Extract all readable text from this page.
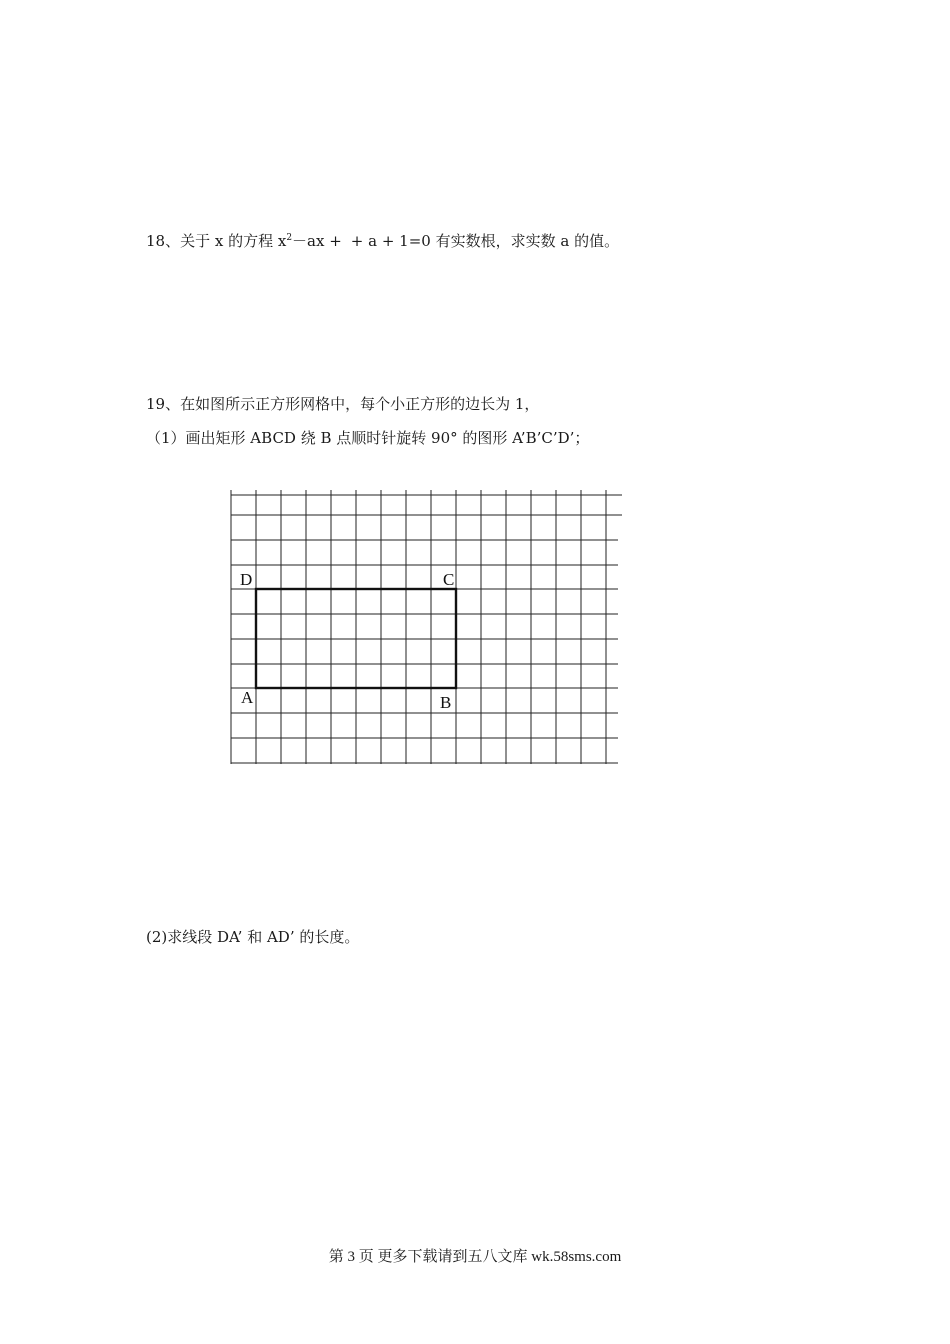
18、关于 x 的方程 $x^2-ax$ + + a + 1=0 有实数根，求实数 a 的值。
19、在如图所示正方形网格中，每个小正方形的边长为 1，
（1）画出矩形 ABCD 绕 B 点顺时针旋转 90° 的图形 A’B’C’D’；
D	C
A	B
(2)求线段 DA’ 和 AD’ 的长度。
第 3 页 更多下载请到五八文库 wk.58sms.com
